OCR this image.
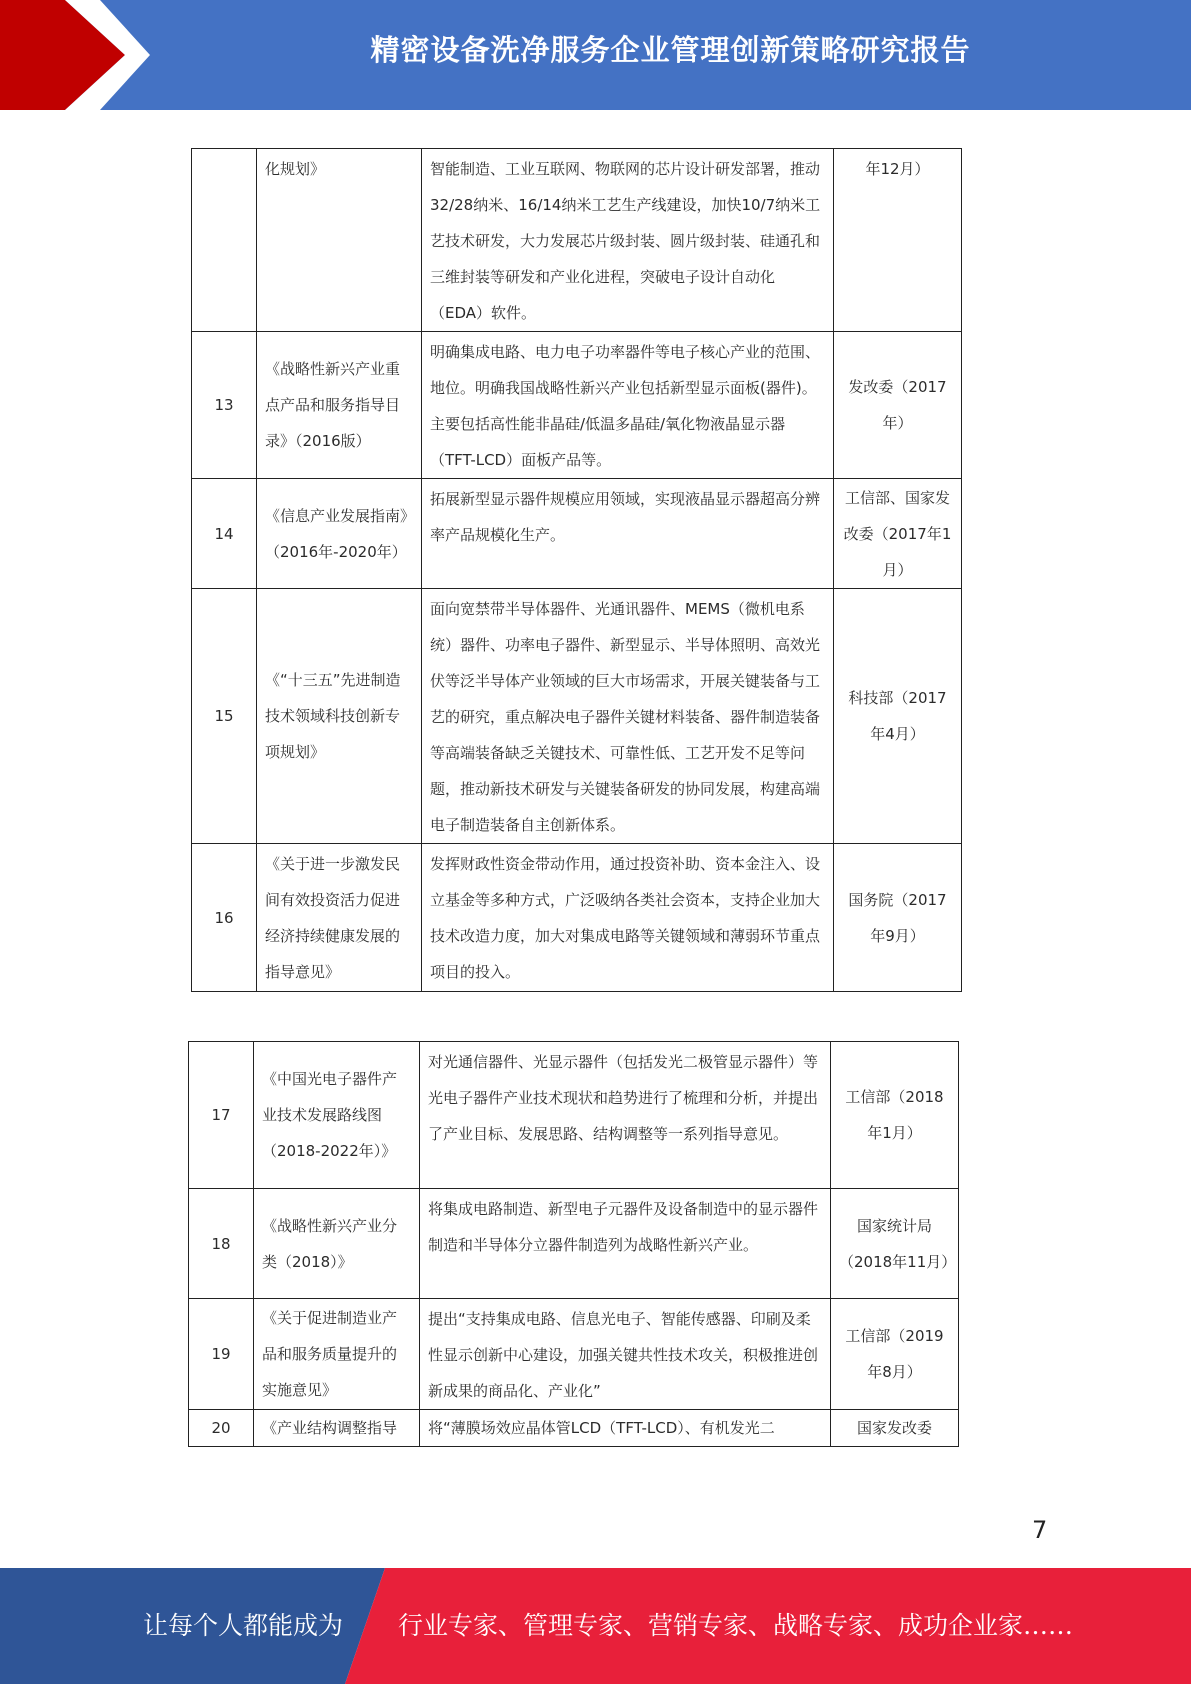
精密设备洗净服务企业管理创新策略研究报告
	化规划》	智能制造、工业互联网、物联网的芯片设计研发部署，推动32/28纳米、16/14纳米工艺生产线建设，加快10/7纳米工艺技术研发，大力发展芯片级封装、圆片级封装、硅通孔和三维封装等研发和产业化进程，突破电子设计自动化（EDA）软件。	年12月）
13	《战略性新兴产业重点产品和服务指导目录》（2016版）	明确集成电路、电力电子功率器件等电子核心产业的范围、地位。明确我国战略性新兴产业包括新型显示面板(器件)。主要包括高性能非晶硅/低温多晶硅/氧化物液晶显示器（TFT-LCD）面板产品等。	发改委（2017年）
14	《信息产业发展指南》（2016年-2020年）	拓展新型显示器件规模应用领域，实现液晶显示器超高分辨率产品规模化生产。	工信部、国家发改委（2017年1月）
15	《“十三五”先进制造技术领域科技创新专项规划》	面向宽禁带半导体器件、光通讯器件、MEMS（微机电系统）器件、功率电子器件、新型显示、半导体照明、高效光伏等泛半导体产业领域的巨大市场需求，开展关键装备与工艺的研究，重点解决电子器件关键材料装备、器件制造装备等高端装备缺乏关键技术、可靠性低、工艺开发不足等问题，推动新技术研发与关键装备研发的协同发展，构建高端电子制造装备自主创新体系。	科技部（2017年4月）
16	《关于进一步激发民间有效投资活力促进经济持续健康发展的指导意见》	发挥财政性资金带动作用，通过投资补助、资本金注入、设立基金等多种方式，广泛吸纳各类社会资本，支持企业加大技术改造力度，加大对集成电路等关键领域和薄弱环节重点项目的投入。	国务院（2017年9月）
17	《中国光电子器件产业技术发展路线图（2018-2022年）》	对光通信器件、光显示器件（包括发光二极管显示器件）等光电子器件产业技术现状和趋势进行了梳理和分析，并提出了产业目标、发展思路、结构调整等一系列指导意见。	工信部（2018年1月）
18	《战略性新兴产业分类（2018）》	将集成电路制造、新型电子元器件及设备制造中的显示器件制造和半导体分立器件制造列为战略性新兴产业。	国家统计局（2018年11月）
19	《关于促进制造业产品和服务质量提升的实施意见》	提出“支持集成电路、信息光电子、智能传感器、印刷及柔性显示创新中心建设，加强关键共性技术攻关，积极推进创新成果的商品化、产业化”	工信部（2019年8月）
20	《产业结构调整指导	将“薄膜场效应晶体管LCD（TFT-LCD）、有机发光二	国家发改委
7
让每个人都能成为 行业专家、管理专家、营销专家、战略专家、成功企业家……
